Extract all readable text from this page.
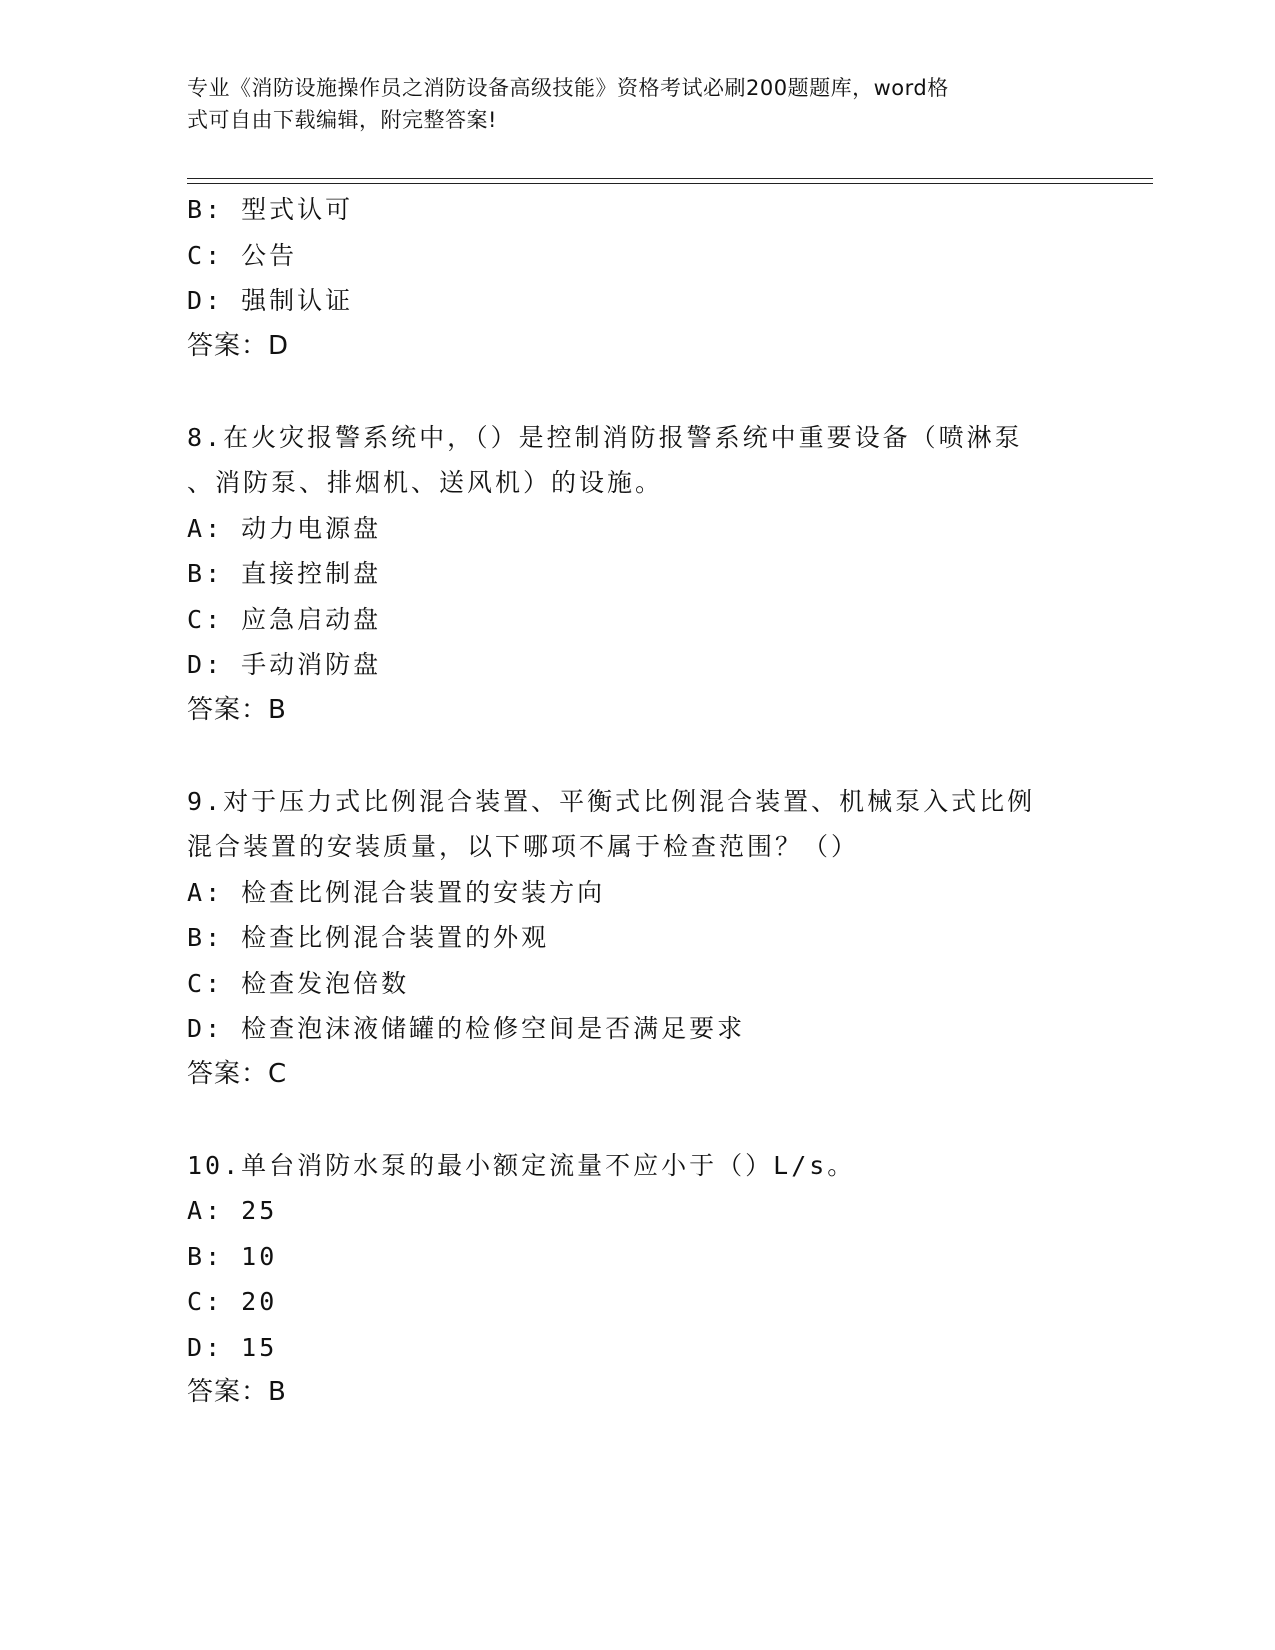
专业《消防设施操作员之消防设备高级技能》资格考试必刷200题题库，word格
式可自由下载编辑，附完整答案!
B: 型式认可
C: 公告
D: 强制认证
答案：D
8.在火灾报警系统中，（）是控制消防报警系统中重要设备（喷淋泵
、消防泵、排烟机、送风机）的设施。
A: 动力电源盘
B: 直接控制盘
C: 应急启动盘
D: 手动消防盘
答案：B
9.对于压力式比例混合装置、平衡式比例混合装置、机械泵入式比例
混合装置的安装质量，以下哪项不属于检查范围？（）
A: 检查比例混合装置的安装方向
B: 检查比例混合装置的外观
C: 检查发泡倍数
D: 检查泡沫液储罐的检修空间是否满足要求
答案：C
10.单台消防水泵的最小额定流量不应小于（）L/s。
A: 25
B: 10
C: 20
D: 15
答案：B
